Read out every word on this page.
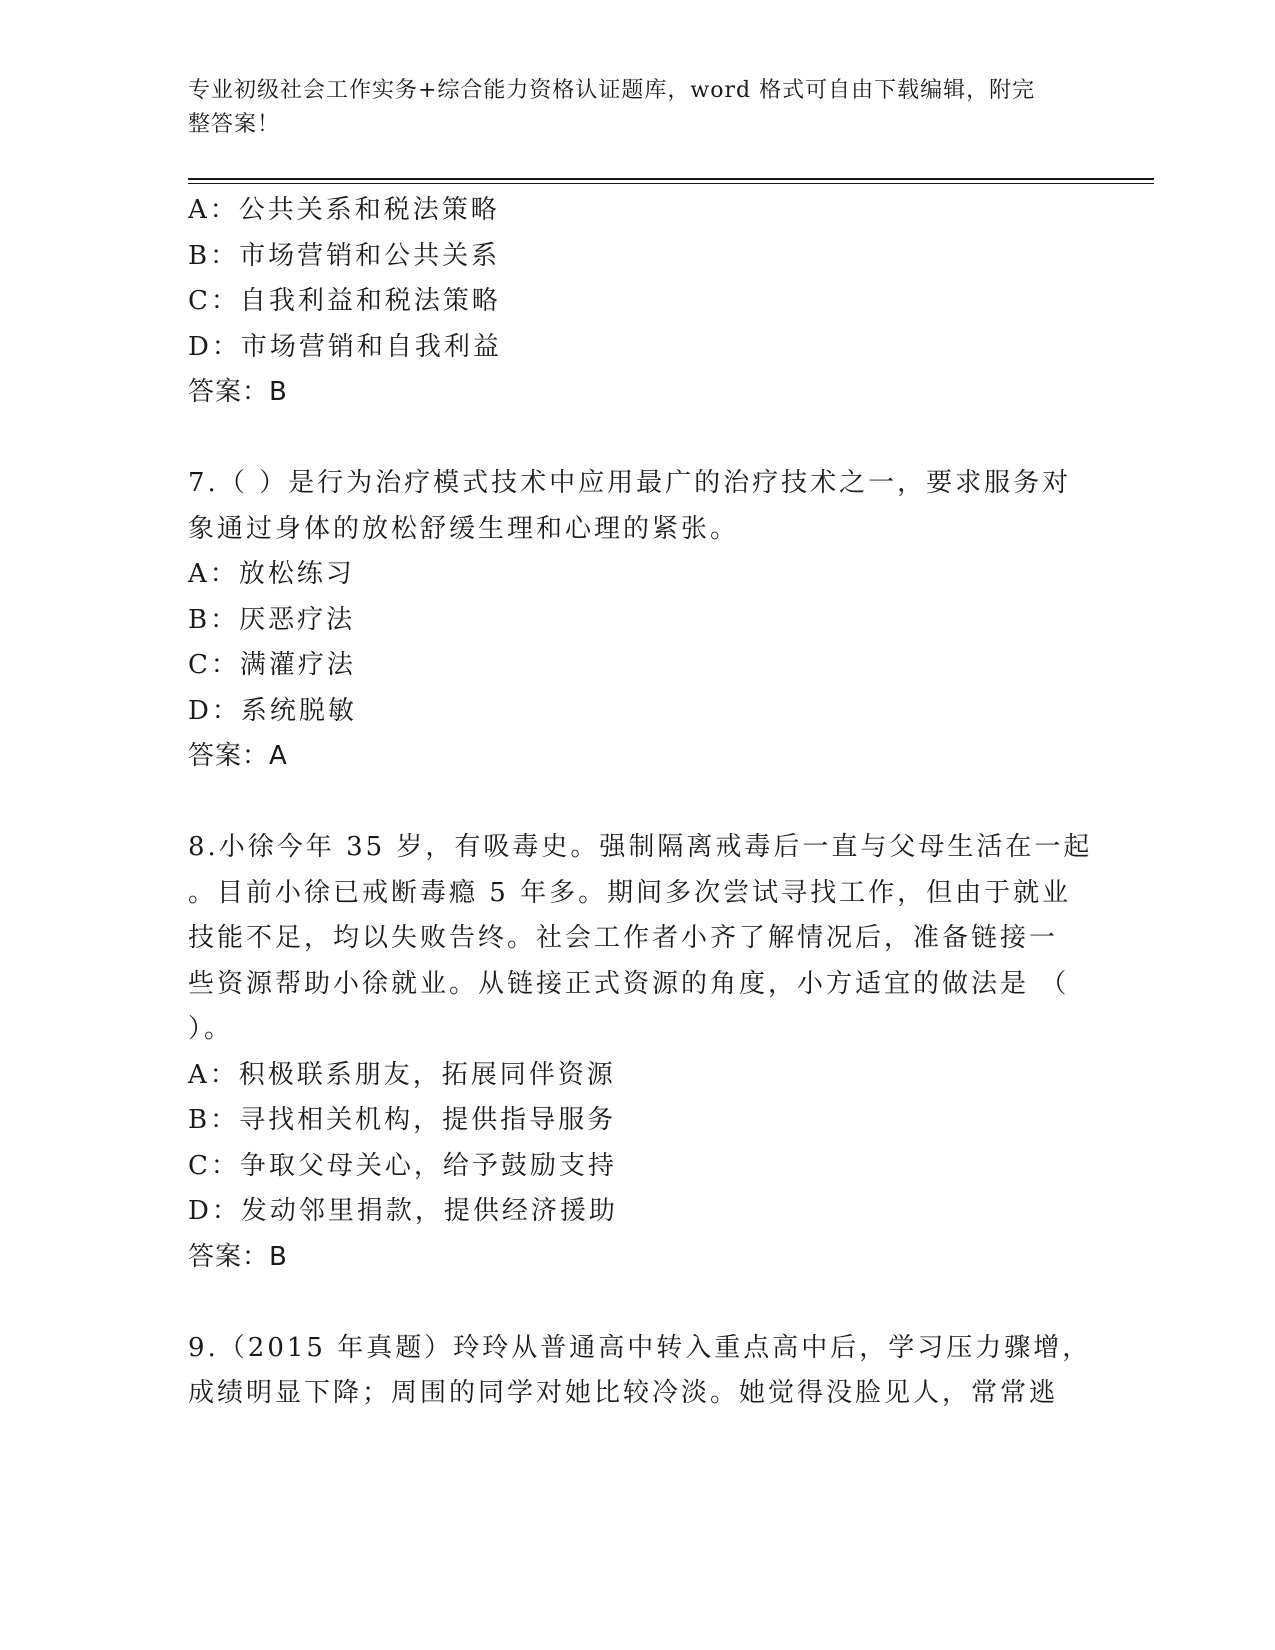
专业初级社会工作实务+综合能力资格认证题库，word 格式可自由下载编辑，附完
整答案！
A：公共关系和税法策略
B：市场营销和公共关系
C：自我利益和税法策略
D：市场营销和自我利益
答案：B
7.（ ）是行为治疗模式技术中应用最广的治疗技术之一，要求服务对
象通过身体的放松舒缓生理和心理的紧张。
A：放松练习
B：厌恶疗法
C：满灌疗法
D：系统脱敏
答案：A
8.小徐今年 35 岁，有吸毒史。强制隔离戒毒后一直与父母生活在一起
。目前小徐已戒断毒瘾 5 年多。期间多次尝试寻找工作，但由于就业
技能不足，均以失败告终。社会工作者小齐了解情况后，准备链接一
些资源帮助小徐就业。从链接正式资源的角度，小方适宜的做法是 （
）。
A：积极联系朋友，拓展同伴资源
B：寻找相关机构，提供指导服务
C：争取父母关心，给予鼓励支持
D：发动邻里捐款，提供经济援助
答案：B
9.（2015 年真题）玲玲从普通高中转入重点高中后，学习压力骤增，
成绩明显下降；周围的同学对她比较冷淡。她觉得没脸见人，常常逃
